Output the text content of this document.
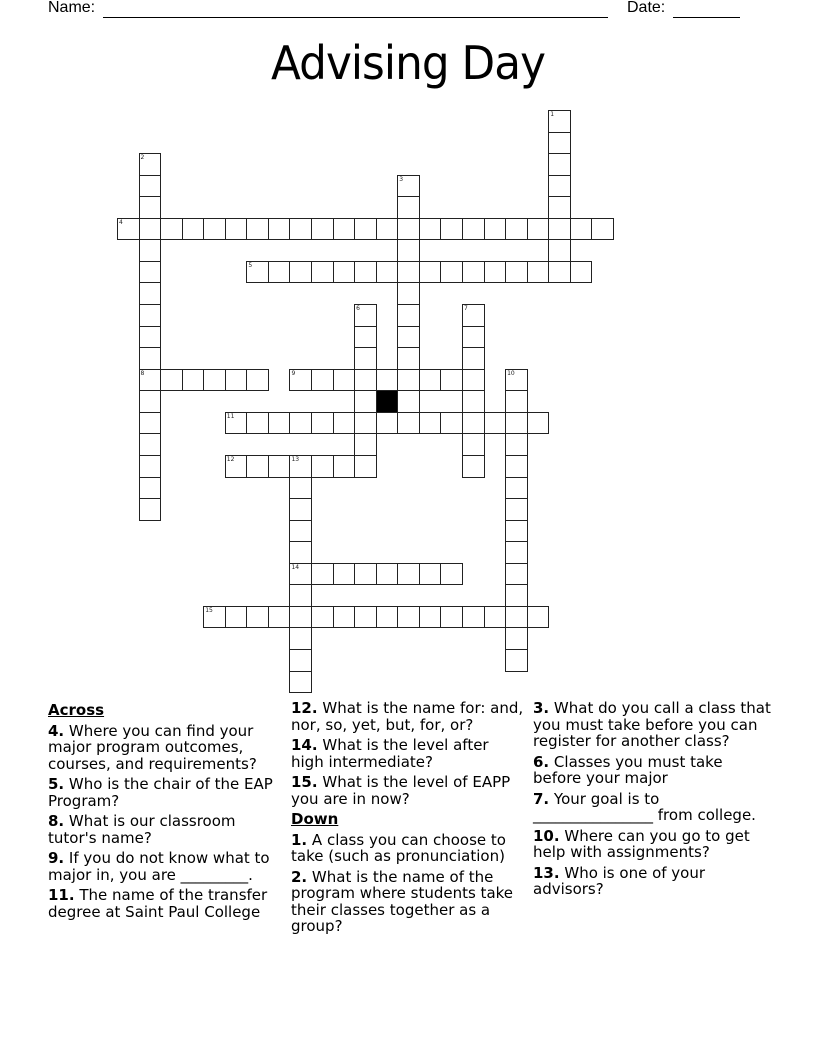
Name:	Date:
Advising Day
1
2
8
3
4
5
6	7
9	10
11
12	13
14
15
Across
4. Where you can find your major program outcomes, courses, and requirements?
5. Who is the chair of the EAP Program?
8. What is our classroom tutor's name?
9. If you do not know what to major in, you are _________.
11. The name of the transfer degree at Saint Paul College
12. What is the name for: and, nor, so, yet, but, for, or?
14. What is the level after high intermediate?
15. What is the level of EAPP you are in now?
Down
1. A class you can choose to take (such as pronunciation)
2. What is the name of the program where students take their classes together as a group?
3. What do you call a class that you must take before you can register for another class?
6. Classes you must take before your major
7. Your goal is to ________________ from college.
10. Where can you go to get help with assignments?
13. Who is one of your advisors?
